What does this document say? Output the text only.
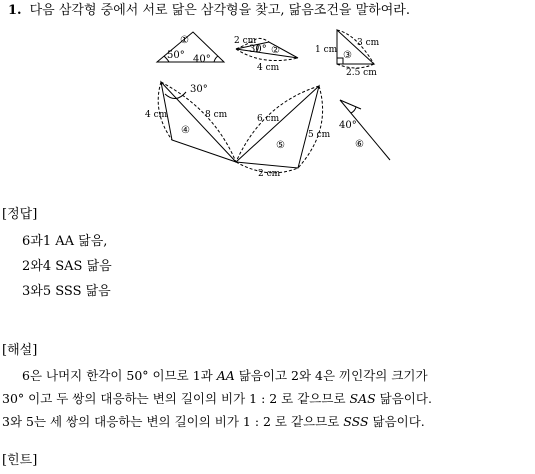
1. 다음 삼각형 중에서 서로 닮은 삼각형을 찾고, 닮음조건을 말하여라.
①
50° 40°
2 cm
30° ②
4 cm
1 cm
3 cm
③
2.5 cm
30°
4 cm	8 cm
④
6 cm
5 cm
⑤
2 cm
40°
⑥
[정답]
6과1 AA 닮음,
2와4 SAS 닮음
3와5 SSS 닮음
[해설]

6은 나머지 한각이 50° 이므로 1과 AA 닮음이고 2와 4은 끼인각의 크기가

30° 이고 두 쌍의 대응하는 변의 길이의 비가 1 : 2 로 같으므로 SAS 닮음이다.

3와 5는 세 쌍의 대응하는 변의 길이의 비가 1 : 2 로 같으므로 SSS 닮음이다.

[힌트]
